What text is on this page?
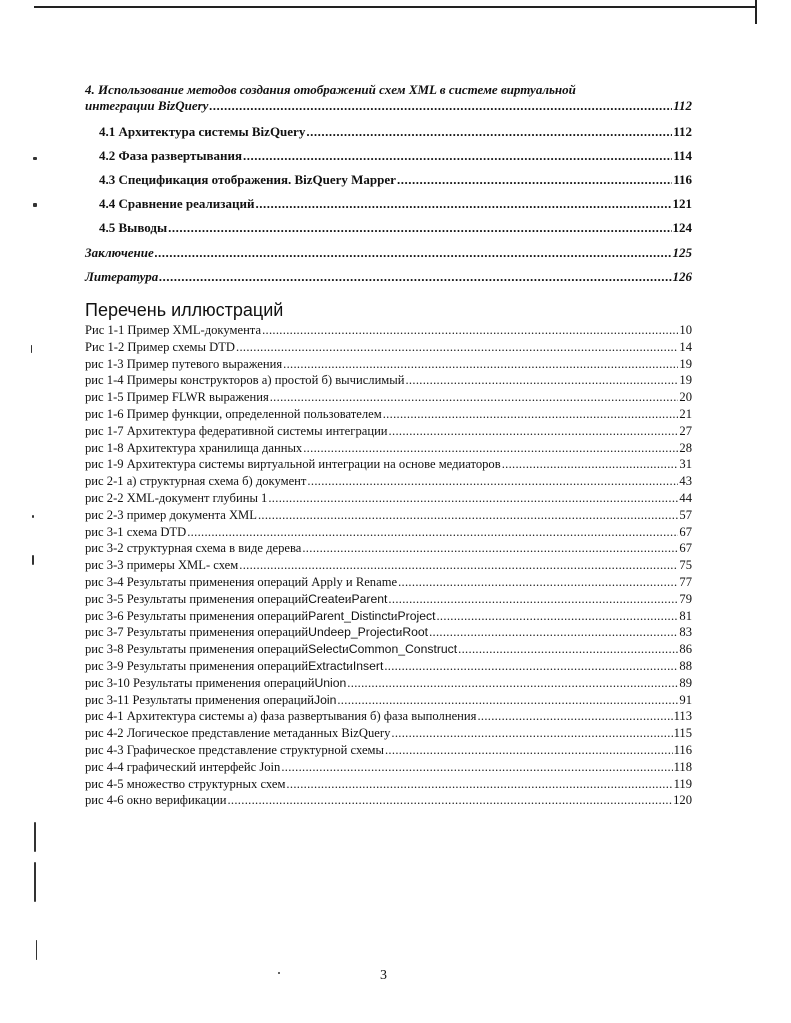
4. Использование методов создания отображений схем XML в системе виртуальной
интеграции BizQuery .....	112
4.1 Архитектура системы BizQuery .....	112
4.2 Фаза развертывания .....	114
4.3 Спецификация отображения. BizQuery Mapper .....	116
4.4 Сравнение реализаций .....	121
4.5 Выводы .....	124
Заключение .....	125
Литература .....	126
Перечень иллюстраций
Рис 1-1 Пример XML-документа .....	10
Рис 1-2 Пример схемы DTD .....	14
рис 1-3 Пример путевого выражения .....	19
рис 1-4 Примеры конструкторов а) простой б) вычислимый .....	19
рис 1-5 Пример FLWR выражения .....	20
рис 1-6 Пример функции, определенной пользователем .....	21
рис 1-7 Архитектура федеративной системы интеграции .....	27
рис 1-8 Архитектура хранилища данных .....	28
рис 1-9 Архитектура системы виртуальной интеграции на основе медиаторов .....	31
рис 2-1 а) структурная схема б) документ .....	43
рис 2-2 XML-документ глубины 1 .....	44
рис 2-3 пример документа XML .....	57
рис 3-1 схема DTD .....	67
рис 3-2 структурная схема в виде дерева .....	67
рис 3-3 примеры XML- схем .....	75
рис 3-4 Результаты применения операций Apply и Rename .....	77
рис 3-5 Результаты применения операций Create и Parent .....	79
рис 3-6 Результаты применения операций Parent_Distinct и Project .....	81
рис 3-7 Результаты применения операций Undeep_Project и Root .....	83
рис 3-8 Результаты применения операций Select и Common_Construct .....	86
рис 3-9 Результаты применения операций Extract и Insert .....	88
рис 3-10 Результаты применения операций Union .....	89
рис 3-11 Результаты применения операций Join .....	91
рис 4-1 Архитектура системы а) фаза развертывания б) фаза выполнения .....	113
рис 4-2 Логическое представление метаданных BizQuery .....	115
рис 4-3 Графическое представление структурной схемы .....	116
рис 4-4 графический интерфейс Join .....	118
рис 4-5 множество структурных схем .....	119
рис 4-6 окно верификации .....	120
3
